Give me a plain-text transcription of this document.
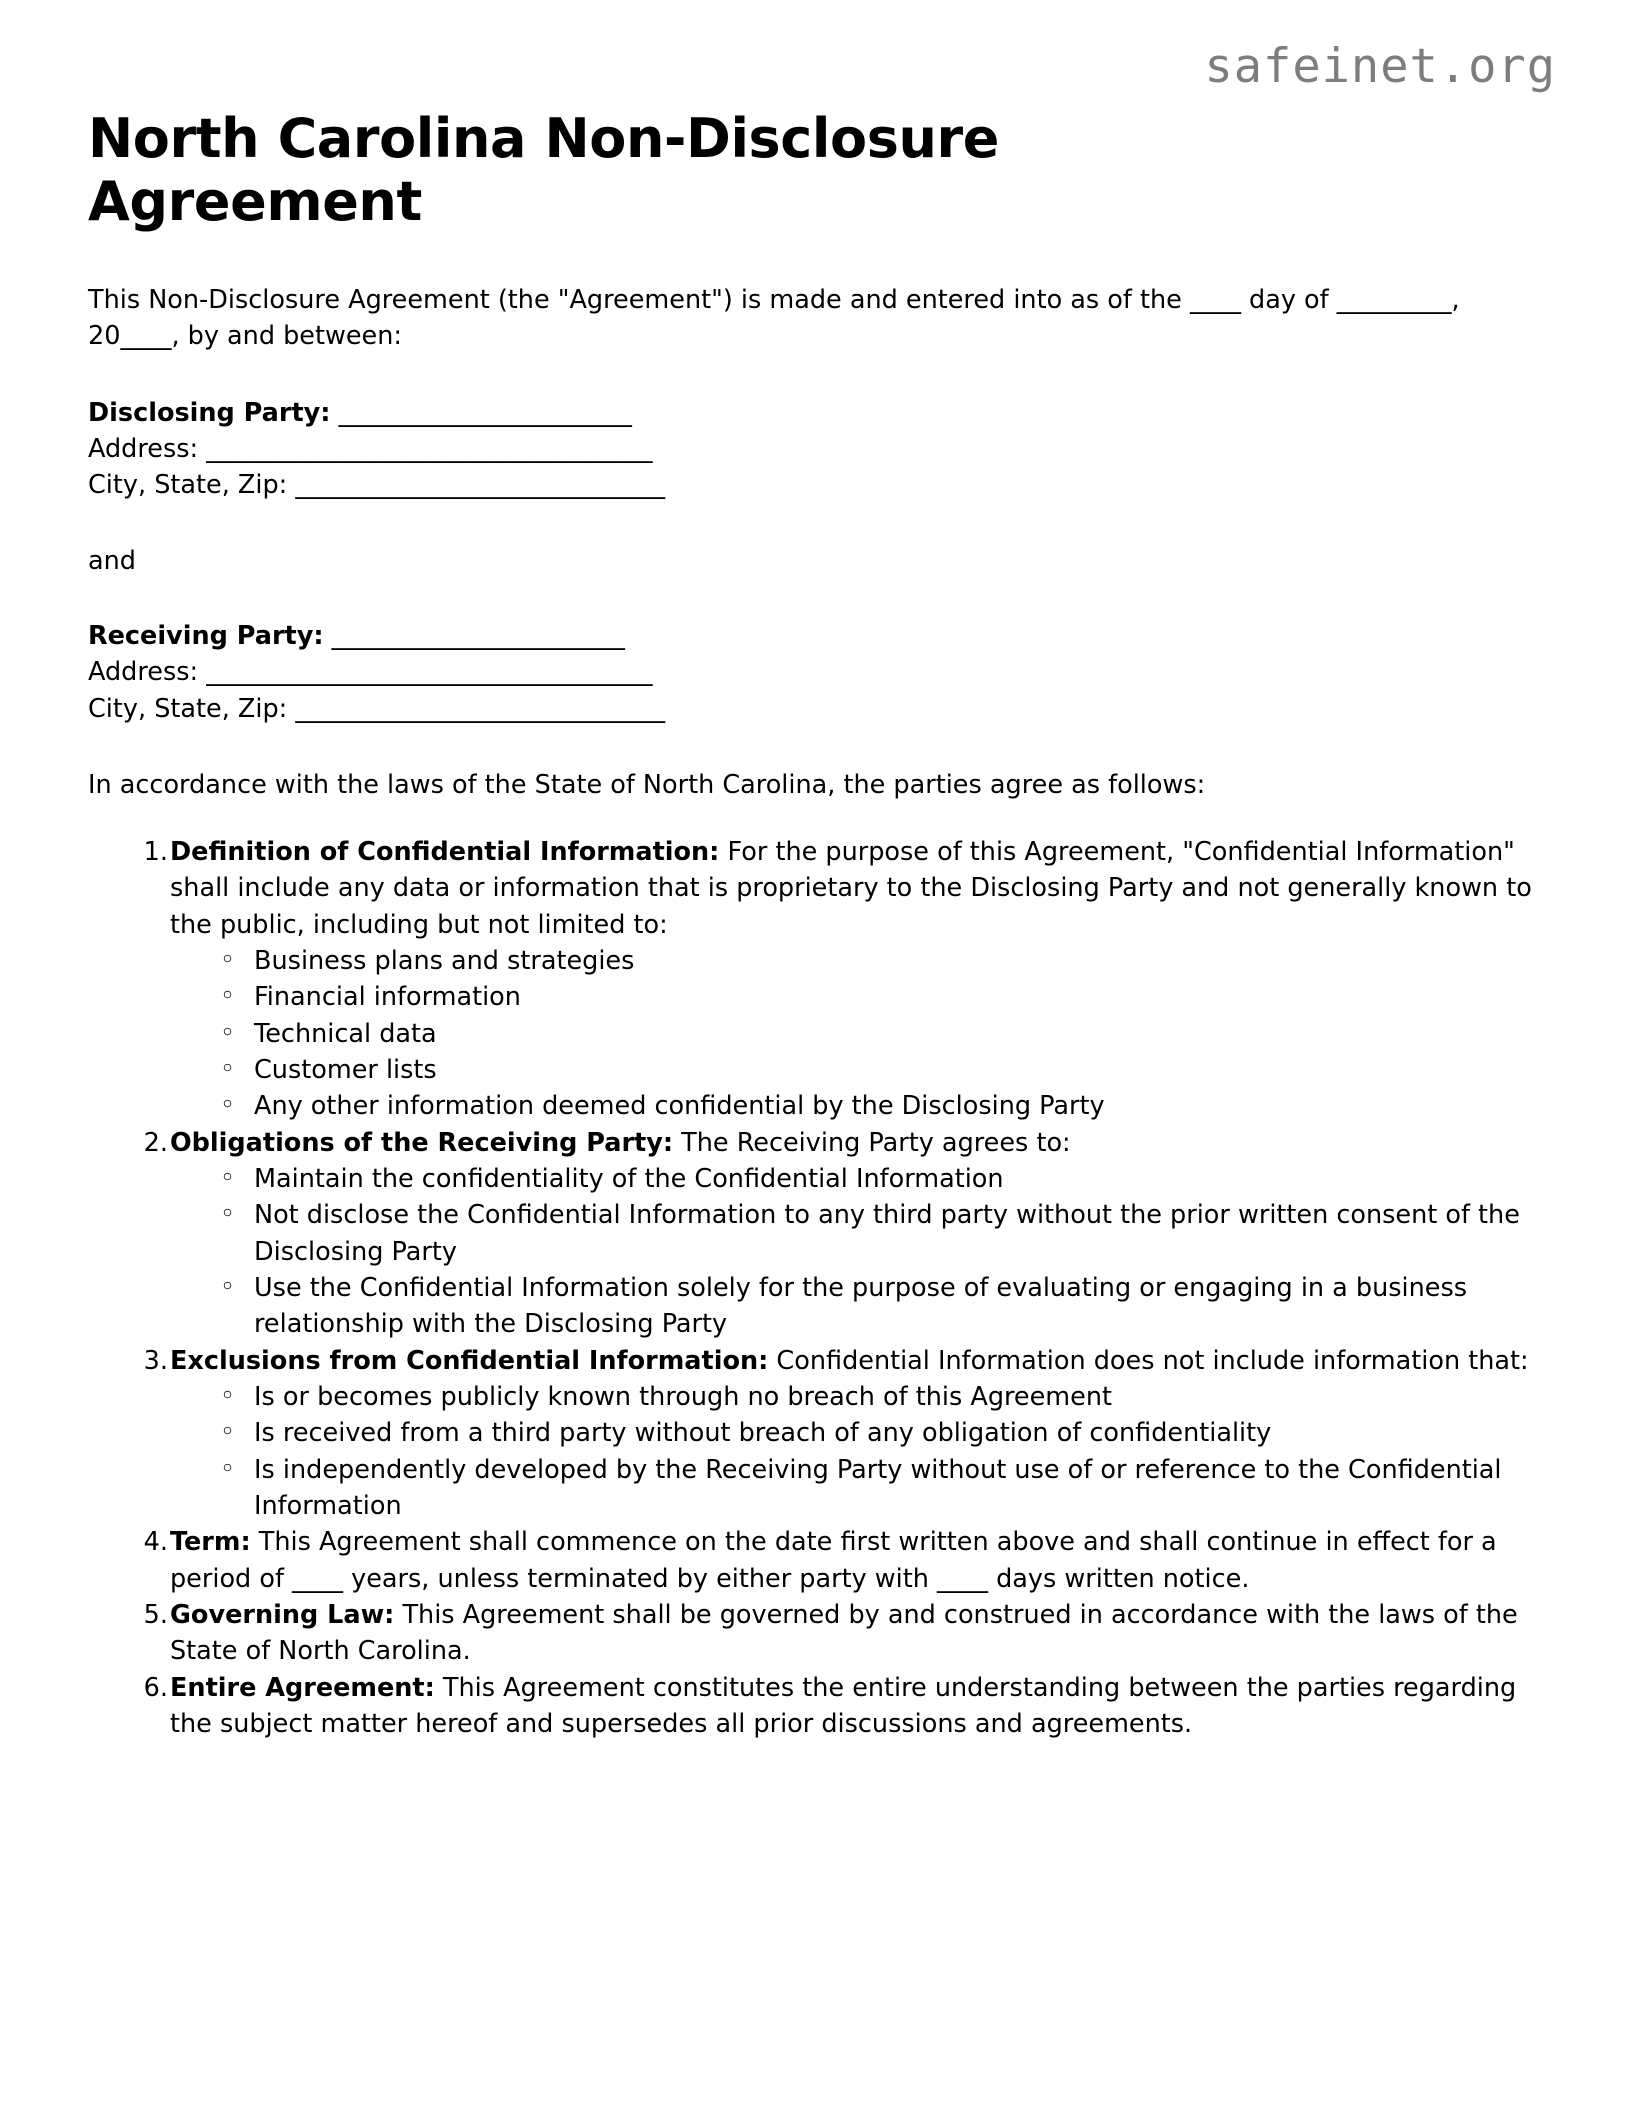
safeinet.org
North Carolina Non-Disclosure Agreement

This Non-Disclosure Agreement (the "Agreement") is made and entered into as of the ____ day of _________, 20____, by and between:

Disclosing Party: _______________________
Address: ___________________________________
City, State, Zip: _____________________________

and

Receiving Party: _______________________
Address: ___________________________________
City, State, Zip: _____________________________

In accordance with the laws of the State of North Carolina, the parties agree as follows:

Definition of Confidential Information: For the purpose of this Agreement, "Confidential Information" shall include any data or information that is proprietary to the Disclosing Party and not generally known to the public, including but not limited to:
◦ Business plans and strategies
◦ Financial information
◦ Technical data
◦ Customer lists
◦ Any other information deemed confidential by the Disclosing Party
Obligations of the Receiving Party: The Receiving Party agrees to:
◦ Maintain the confidentiality of the Confidential Information
◦ Not disclose the Confidential Information to any third party without the prior written consent of the Disclosing Party
◦ Use the Confidential Information solely for the purpose of evaluating or engaging in a business relationship with the Disclosing Party
Exclusions from Confidential Information: Confidential Information does not include information that:
◦ Is or becomes publicly known through no breach of this Agreement
◦ Is received from a third party without breach of any obligation of confidentiality
◦ Is independently developed by the Receiving Party without use of or reference to the Confidential Information
Term: This Agreement shall commence on the date first written above and shall continue in effect for a period of ____ years, unless terminated by either party with ____ days written notice.
Governing Law: This Agreement shall be governed by and construed in accordance with the laws of the State of North Carolina.
Entire Agreement: This Agreement constitutes the entire understanding between the parties regarding the subject matter hereof and supersedes all prior discussions and agreements.
